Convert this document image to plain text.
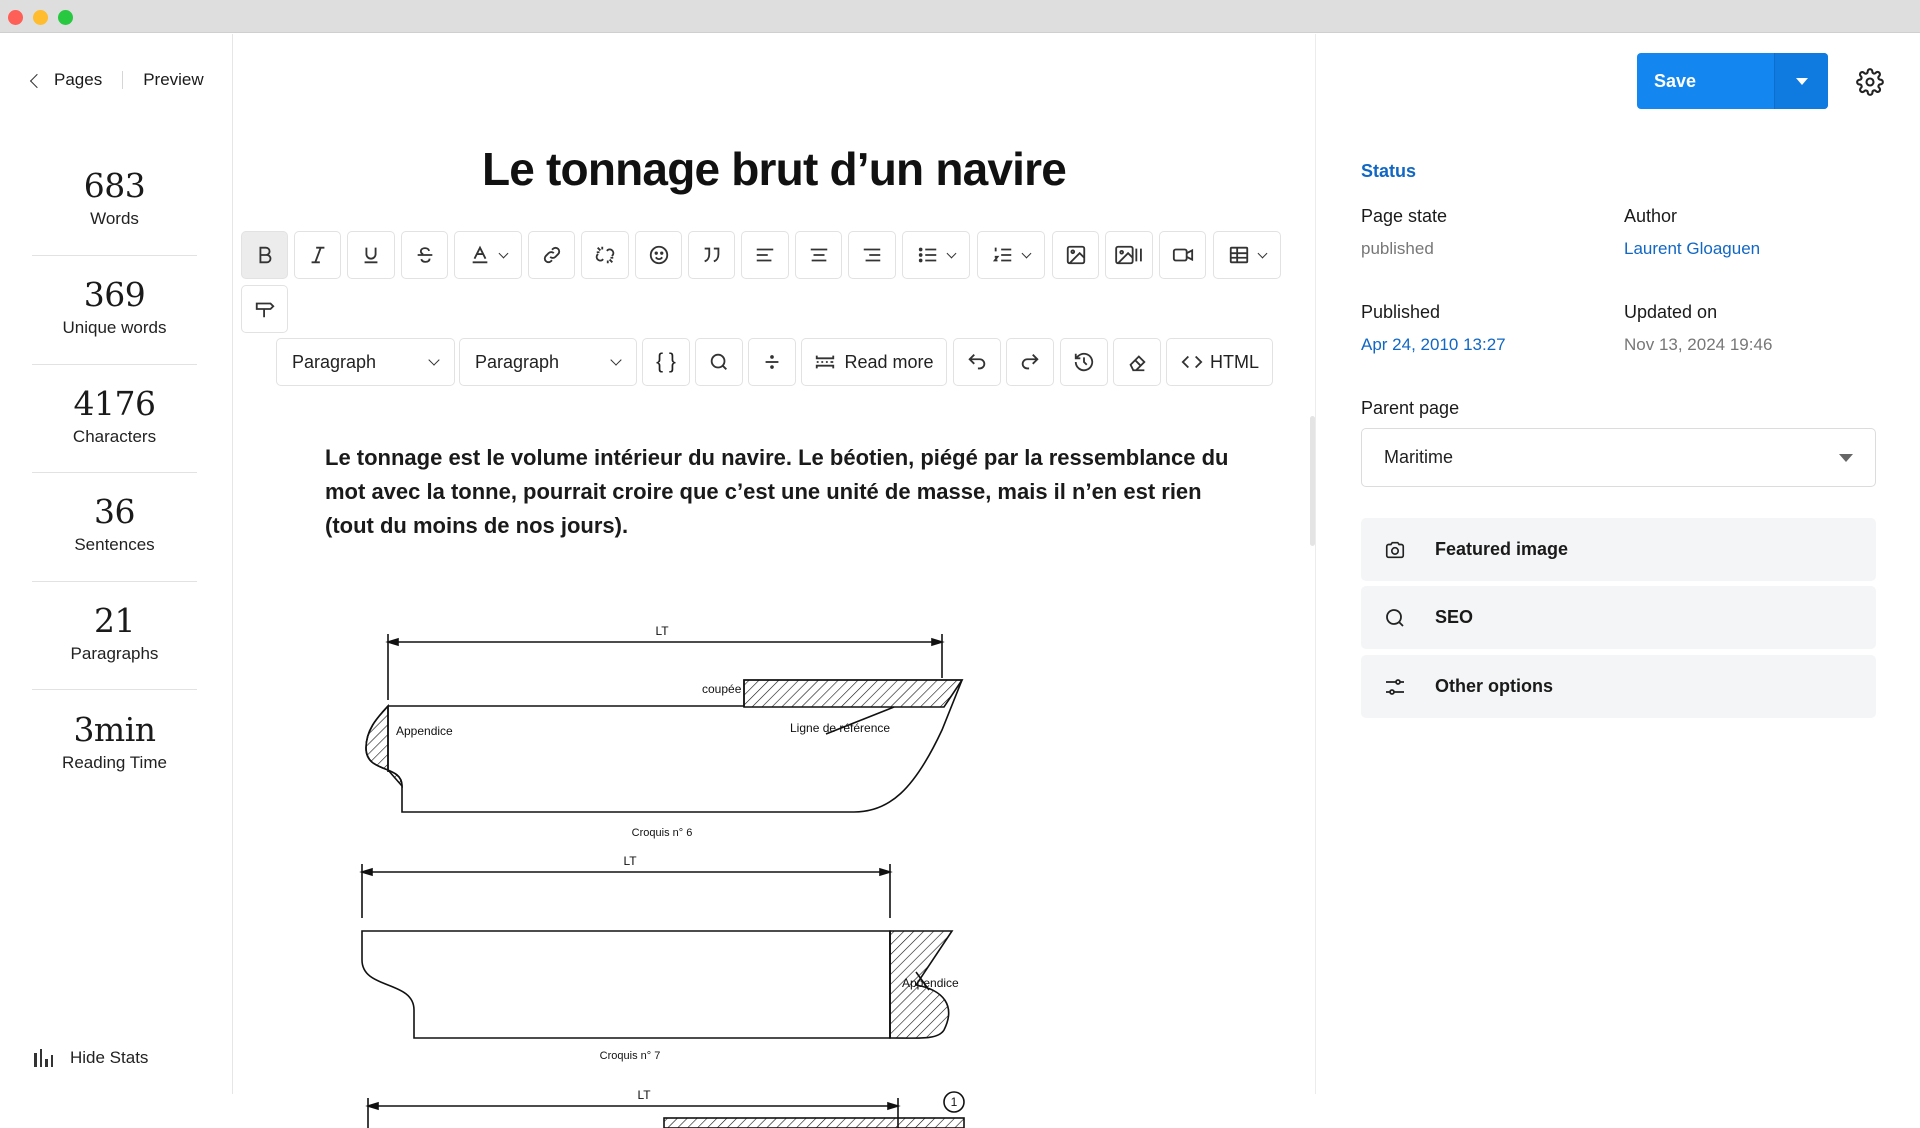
Pages Preview
683
Words
369
Unique words
4176
Characters
36
Sentences
21
Paragraphs
3min
Reading Time
Hide Stats
Le tonnage brut d’un navire
Paragraph	Paragraph	{ }	Read more	HTML
Le tonnage est le volume intérieur du navire. Le béotien, piégé par la ressemblance du mot avec la tonne, pourrait croire que c’est une unité de masse, mais il n’en est rien (tout du moins de nos jours).
LT
coupée
Appendice	Ligne de référence
Croquis n° 6
LT
Appendice
Croquis n° 7
LT	1
Save
Status
Page state
published
Author
Laurent Gloaguen
Published
Apr 24, 2010 13:27
Updated on
Nov 13, 2024 19:46
Parent page
Maritime
Featured image
SEO
Other options
